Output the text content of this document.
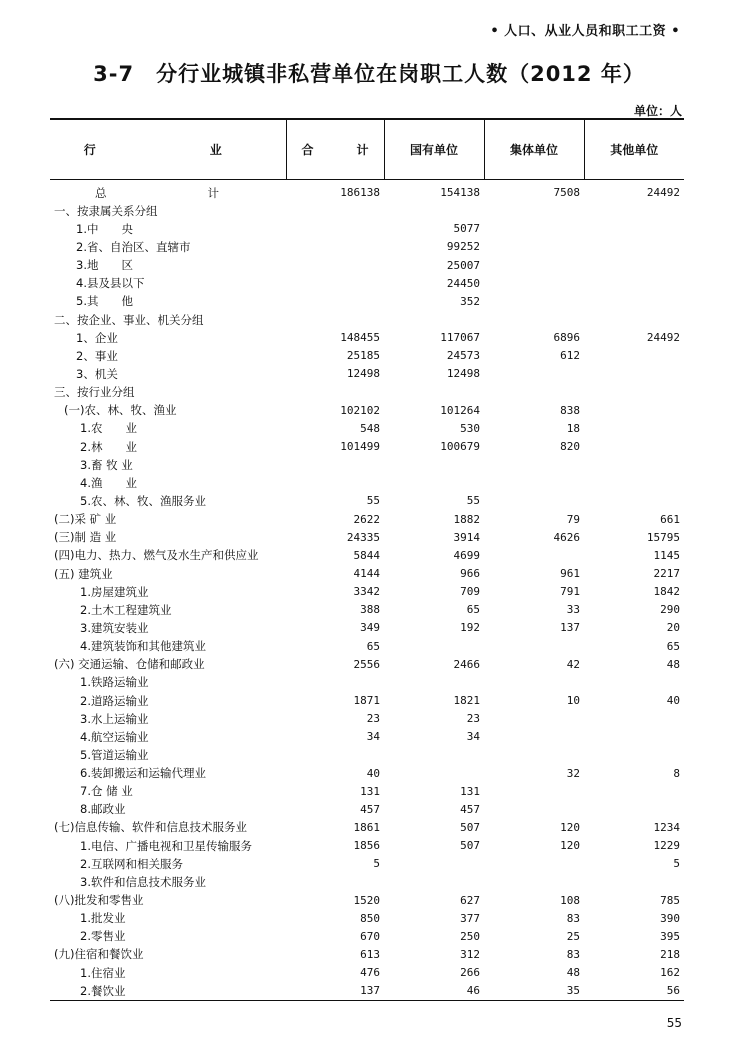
• 人口、从业人员和职工工资 •
3-7　分行业城镇非私营单位在岗职工人数（2012 年）
单位：人
行　　业	合 计	国有单位	集体单位	其他单位
总　　计	186138	154138	7508	24492
一、按隶属关系分组				
1.中　　央		5077		
2.省、自治区、直辖市		99252		
3.地　　区		25007		
4.县及县以下		24450		
5.其　　他		352		
二、按企业、事业、机关分组				
1、企业	148455	117067	6896	24492
2、事业	25185	24573	612	
3、机关	12498	12498		
三、按行业分组				
(一)农、林、牧、渔业	102102	101264	838	
1.农　　业	548	530	18	
2.林　　业	101499	100679	820	
3.畜 牧 业				
4.渔　　业				
5.农、林、牧、渔服务业	55	55		
(二)采 矿 业	2622	1882	79	661
(三)制 造 业	24335	3914	4626	15795
(四)电力、热力、燃气及水生产和供应业	5844	4699		1145
(五) 建筑业	4144	966	961	2217
1.房屋建筑业	3342	709	791	1842
2.土木工程建筑业	388	65	33	290
3.建筑安装业	349	192	137	20
4.建筑装饰和其他建筑业	65			65
(六) 交通运输、仓储和邮政业	2556	2466	42	48
1.铁路运输业				
2.道路运输业	1871	1821	10	40
3.水上运输业	23	23		
4.航空运输业	34	34		
5.管道运输业				
6.装卸搬运和运输代理业	40		32	8
7.仓 储 业	131	131		
8.邮政业	457	457		
(七)信息传输、软件和信息技术服务业	1861	507	120	1234
1.电信、广播电视和卫星传输服务	1856	507	120	1229
2.互联网和相关服务	5			5
3.软件和信息技术服务业				
(八)批发和零售业	1520	627	108	785
1.批发业	850	377	83	390
2.零售业	670	250	25	395
(九)住宿和餐饮业	613	312	83	218
1.住宿业	476	266	48	162
2.餐饮业	137	46	35	56
55
